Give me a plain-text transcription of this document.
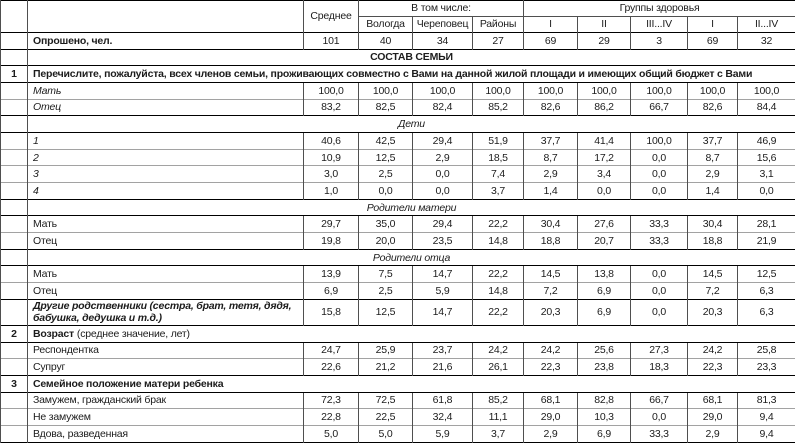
		Среднее	В том числе:			Группы здоровья				
			Вологда	Череповец	Районы	I	II	III...IV	I	II...IV
	Опрошено, чел.	101	40	34	27	69	29	3	69	32
	СОСТАВ СЕМЬИ									
1	Перечислите, пожалуйста, всех членов семьи, проживающих совместно с Вами на данной жилой площади и имеющих общий бюджет с Вами									
	Мать	100,0	100,0	100,0	100,0	100,0	100,0	100,0	100,0	100,0
	Отец	83,2	82,5	82,4	85,2	82,6	86,2	66,7	82,6	84,4
	Дети									
	1	40,6	42,5	29,4	51,9	37,7	41,4	100,0	37,7	46,9
	2	10,9	12,5	2,9	18,5	8,7	17,2	0,0	8,7	15,6
	3	3,0	2,5	0,0	7,4	2,9	3,4	0,0	2,9	3,1
	4	1,0	0,0	0,0	3,7	1,4	0,0	0,0	1,4	0,0
	Родители матери									
	Мать	29,7	35,0	29,4	22,2	30,4	27,6	33,3	30,4	28,1
	Отец	19,8	20,0	23,5	14,8	18,8	20,7	33,3	18,8	21,9
	Родители отца									
	Мать	13,9	7,5	14,7	22,2	14,5	13,8	0,0	14,5	12,5
	Отец	6,9	2,5	5,9	14,8	7,2	6,9	0,0	7,2	6,3
	Другие родственники (сестра, брат, тетя, дядя, бабушка, дедушка и т.д.)	15,8	12,5	14,7	22,2	20,3	6,9	0,0	20,3	6,3
2	Возраст (среднее значение, лет)									
	Респондентка	24,7	25,9	23,7	24,2	24,2	25,6	27,3	24,2	25,8
	Супруг	22,6	21,2	21,6	26,1	22,3	23,8	18,3	22,3	23,3
3	Семейное положение матери ребенка									
	Замужем, гражданский брак	72,3	72,5	61,8	85,2	68,1	82,8	66,7	68,1	81,3
	Не замужем	22,8	22,5	32,4	11,1	29,0	10,3	0,0	29,0	9,4
	Вдова, разведенная	5,0	5,0	5,9	3,7	2,9	6,9	33,3	2,9	9,4
